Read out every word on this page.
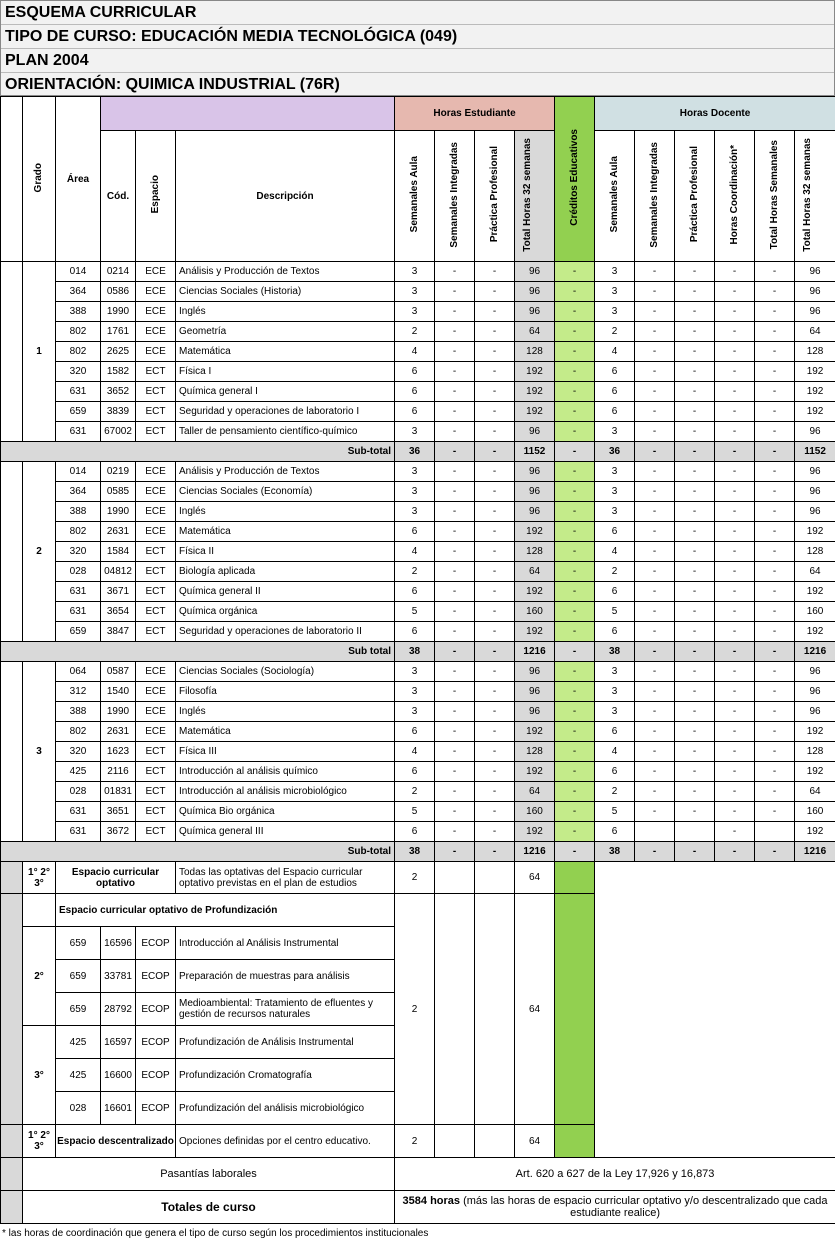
ESQUEMA CURRICULAR
TIPO DE CURSO: EDUCACIÓN MEDIA TECNOLÓGICA (049)
PLAN 2004
ORIENTACIÓN: QUIMICA INDUSTRIAL (76R)
	Grado	Área				Horas Estudiante				Créditos Educativos	Horas Docente					
			Cód.	Espacio	Descripción	Semanales Aula	Semanales Integradas	Práctica Profesional	Total Horas 32 semanas		Semanales Aula	Semanales Integradas	Práctica Profesional	Horas Coordinación*	Total Horas Semanales	Total Horas 32 semanas
	1	014	0214	ECE	Análisis y Producción de Textos	3	-	-	96	-	3	-	-	-	-	96
		364	0586	ECE	Ciencias Sociales (Historia)	3	-	-	96	-	3	-	-	-	-	96
		388	1990	ECE	Inglés	3	-	-	96	-	3	-	-	-	-	96
		802	1761	ECE	Geometría	2	-	-	64	-	2	-	-	-	-	64
		802	2625	ECE	Matemática	4	-	-	128	-	4	-	-	-	-	128
		320	1582	ECT	Física I	6	-	-	192	-	6	-	-	-	-	192
		631	3652	ECT	Química general I	6	-	-	192	-	6	-	-	-	-	192
		659	3839	ECT	Seguridad y operaciones de laboratorio I	6	-	-	192	-	6	-	-	-	-	192
		631	67002	ECT	Taller de pensamiento científico-químico	3	-	-	96	-	3	-	-	-	-	96
Sub-total						36	-	-	1152	-	36	-	-	-	-	1152
	2	014	0219	ECE	Análisis y Producción de Textos	3	-	-	96	-	3	-	-	-	-	96
		364	0585	ECE	Ciencias Sociales (Economía)	3	-	-	96	-	3	-	-	-	-	96
		388	1990	ECE	Inglés	3	-	-	96	-	3	-	-	-	-	96
		802	2631	ECE	Matemática	6	-	-	192	-	6	-	-	-	-	192
		320	1584	ECT	Física II	4	-	-	128	-	4	-	-	-	-	128
		028	04812	ECT	Biología aplicada	2	-	-	64	-	2	-	-	-	-	64
		631	3671	ECT	Química general II	6	-	-	192	-	6	-	-	-	-	192
		631	3654	ECT	Química orgánica	5	-	-	160	-	5	-	-	-	-	160
		659	3847	ECT	Seguridad y operaciones de laboratorio II	6	-	-	192	-	6	-	-	-	-	192
Sub total						38	-	-	1216	-	38	-	-	-	-	1216
	3	064	0587	ECE	Ciencias Sociales (Sociología)	3	-	-	96	-	3	-	-	-	-	96
		312	1540	ECE	Filosofía	3	-	-	96	-	3	-	-	-	-	96
		388	1990	ECE	Inglés	3	-	-	96	-	3	-	-	-	-	96
		802	2631	ECE	Matemática	6	-	-	192	-	6	-	-	-	-	192
		320	1623	ECT	Física III	4	-	-	128	-	4	-	-	-	-	128
		425	2116	ECT	Introducción al análisis químico	6	-	-	192	-	6	-	-	-	-	192
		028	01831	ECT	Introducción al análisis microbiológico	2	-	-	64	-	2	-	-	-	-	64
		631	3651	ECT	Química Bio orgánica	5	-	-	160	-	5	-	-	-	-	160
		631	3672	ECT	Química general III	6	-	-	192	-	6			-		192
Sub-total						38	-	-	1216	-	38	-	-	-	-	1216
	1° 2° 3°	Espacio curricular optativo			Todas las optativas del Espacio curricular optativo previstas en el plan de estudios	2			64							
		Espacio curricular optativo de Profundización				2			64							
	2°	659	16596	ECOP	Introducción al Análisis Instrumental											
		659	33781	ECOP	Preparación de muestras para análisis											
		659	28792	ECOP	Medioambiental: Tratamiento de efluentes y gestión de recursos naturales											
	3°	425	16597	ECOP	Profundización de Análisis Instrumental											
		425	16600	ECOP	Profundización Cromatografía											
		028	16601	ECOP	Profundización del análisis microbiológico											
	1° 2° 3°	Espacio descentralizado			Opciones definidas por el centro educativo.	2			64							
	Pasantías laborales					Art. 620 a 627 de la Ley 17,926 y 16,873										
	Totales de curso					3584 horas (más las horas de espacio curricular optativo y/o descentralizado que cada estudiante realice)										
* las horas de coordinación que genera el tipo de curso según los procedimientos institucionales
